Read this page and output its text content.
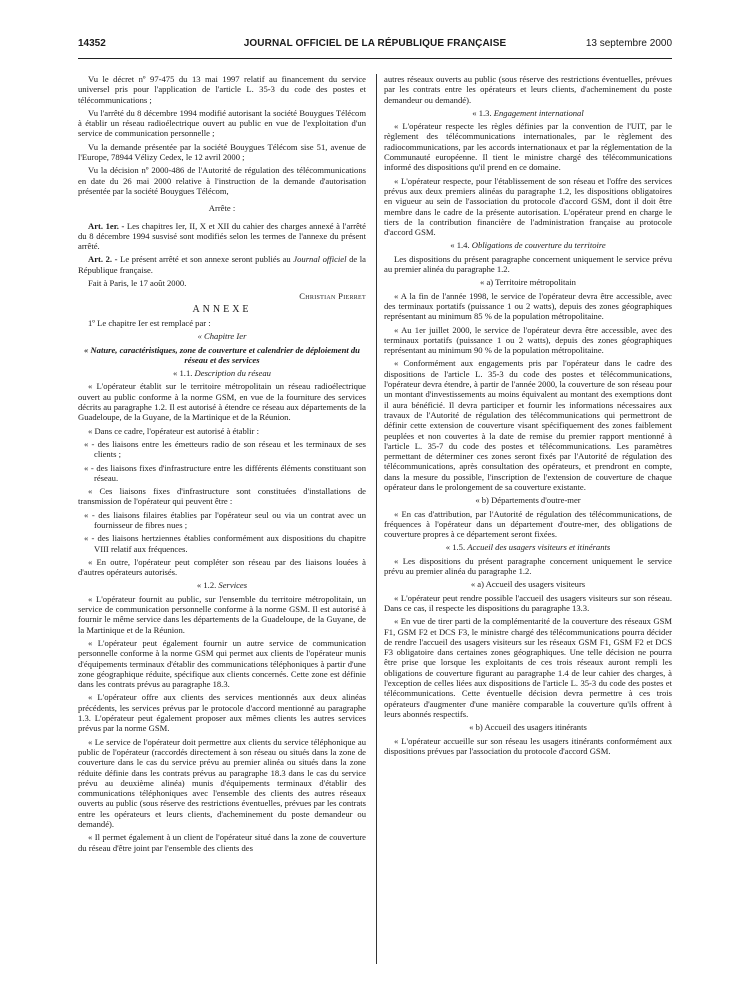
14352	JOURNAL OFFICIEL DE LA RÉPUBLIQUE FRANÇAISE	13 septembre 2000

Vu le décret nº 97-475 du 13 mai 1997 relatif au financement du service universel pris pour l'application de l'article L. 35-3 du code des postes et télécommunications ;

Vu l'arrêté du 8 décembre 1994 modifié autorisant la société Bouygues Télécom à établir un réseau radioélectrique ouvert au public en vue de l'exploitation d'un service de communication personnelle ;

Vu la demande présentée par la société Bouygues Télécom sise 51, avenue de l'Europe, 78944 Vélizy Cedex, le 12 avril 2000 ;

Vu la décision nº 2000-486 de l'Autorité de régulation des télécommunications en date du 26 mai 2000 relative à l'instruction de la demande d'autorisation présentée par la société Bouygues Télécom,

Arrête :

Art. 1er. - Les chapitres Ier, II, X et XII du cahier des charges annexé à l'arrêté du 8 décembre 1994 susvisé sont modifiés selon les termes de l'annexe du présent arrêté.

Art. 2. - Le présent arrêté et son annexe seront publiés au Journal officiel de la République française.

Fait à Paris, le 17 août 2000.

Christian Pierret

ANNEXE

1º Le chapitre Ier est remplacé par :

« Chapitre Ier

« Nature, caractéristiques, zone de couverture et calendrier de déploiement du réseau et des services

« 1.1. Description du réseau

« L'opérateur établit sur le territoire métropolitain un réseau radioélectrique ouvert au public conforme à la norme GSM, en vue de la fourniture des services décrits au paragraphe 1.2. Il est autorisé à étendre ce réseau aux départements de la Guadeloupe, de la Guyane, de la Martinique et de la Réunion.

« Dans ce cadre, l'opérateur est autorisé à établir :

« - des liaisons entre les émetteurs radio de son réseau et les terminaux de ses clients ;

« - des liaisons fixes d'infrastructure entre les différents éléments constituant son réseau.

« Ces liaisons fixes d'infrastructure sont constituées d'installations de transmission de l'opérateur qui peuvent être :

« - des liaisons filaires établies par l'opérateur seul ou via un contrat avec un fournisseur de fibres nues ;

« - des liaisons hertziennes établies conformément aux dispositions du chapitre VIII relatif aux fréquences.

« En outre, l'opérateur peut compléter son réseau par des liaisons louées à d'autres opérateurs autorisés.

« 1.2. Services

« L'opérateur fournit au public, sur l'ensemble du territoire métropolitain, un service de communication personnelle conforme à la norme GSM. Il est autorisé à fournir le même service dans les départements de la Guadeloupe, de la Guyane, de la Martinique et de la Réunion.

« L'opérateur peut également fournir un autre service de communication personnelle conforme à la norme GSM qui permet aux clients de l'opérateur munis d'équipements terminaux d'établir des communications téléphoniques à partir d'une zone géographique réduite, spécifique aux clients concernés. Cette zone est définie dans les contrats prévus au paragraphe 18.3.

« L'opérateur offre aux clients des services mentionnés aux deux alinéas précédents, les services prévus par le protocole d'accord mentionné au paragraphe 1.3. L'opérateur peut également proposer aux mêmes clients les autres services prévus par la norme GSM.

« Le service de l'opérateur doit permettre aux clients du service téléphonique au public de l'opérateur (raccordés directement à son réseau ou situés dans la zone de couverture dans le cas du service prévu au premier alinéa ou situés dans la zone réduite définie dans les contrats prévus au paragraphe 18.3 dans le cas du service prévu au deuxième alinéa) munis d'équipements terminaux d'établir des communications téléphoniques avec l'ensemble des clients des autres réseaux ouverts au public (sous réserve des restrictions éventuelles, prévues par les contrats entre les opérateurs et leurs clients, d'acheminement du poste demandeur ou demandé).

« Il permet également à un client de l'opérateur situé dans la zone de couverture du réseau d'être joint par l'ensemble des clients des

autres réseaux ouverts au public (sous réserve des restrictions éventuelles, prévues par les contrats entre les opérateurs et leurs clients, d'acheminement du poste demandeur ou demandé).

« 1.3. Engagement international

« L'opérateur respecte les règles définies par la convention de l'UIT, par le règlement des télécommunications internationales, par le règlement des radiocommunications, par les accords internationaux et par la réglementation de la Communauté européenne. Il tient le ministre chargé des télécommunications informé des dispositions qu'il prend en ce domaine.

« L'opérateur respecte, pour l'établissement de son réseau et l'offre des services prévus aux deux premiers alinéas du paragraphe 1.2, les dispositions obligatoires en vigueur au sein de l'association du protocole d'accord GSM, dont il doit être membre dans le cadre de la présente autorisation. L'opérateur prend en charge le tiers de la contribution financière de l'administration française au protocole d'accord GSM.

« 1.4. Obligations de couverture du territoire

Les dispositions du présent paragraphe concernent uniquement le service prévu au premier alinéa du paragraphe 1.2.

« a) Territoire métropolitain

« A la fin de l'année 1998, le service de l'opérateur devra être accessible, avec des terminaux portatifs (puissance 1 ou 2 watts), depuis des zones géographiques représentant au minimum 85 % de la population métropolitaine.

« Au 1er juillet 2000, le service de l'opérateur devra être accessible, avec des terminaux portatifs (puissance 1 ou 2 watts), depuis des zones géographiques représentant au minimum 90 % de la population métropolitaine.

« Conformément aux engagements pris par l'opérateur dans le cadre des dispositions de l'article L. 35-3 du code des postes et télécommunications, l'opérateur devra étendre, à partir de l'année 2000, la couverture de son réseau pour un montant d'investissements au moins équivalent au montant des exemptions dont il aura bénéficié. Il devra participer et fournir les informations nécessaires aux travaux de l'Autorité de régulation des télécommunications qui permettront de définir cette extension de couverture visant spécifiquement des zones faiblement peuplées et non couvertes à la date de remise du premier rapport mentionné à l'article L. 35-7 du code des postes et télécommunications. Les paramètres permettant de déterminer ces zones seront fixés par l'Autorité de régulation des télécommunications, après consultation des opérateurs, et prendront en compte, dans la mesure du possible, l'inscription de l'extension de couverture de chaque opérateur dans le prolongement de sa couverture existante.

« b) Départements d'outre-mer

« En cas d'attribution, par l'Autorité de régulation des télécommunications, de fréquences à l'opérateur dans un département d'outre-mer, des obligations de couverture propres à ce département seront fixées.

« 1.5. Accueil des usagers visiteurs et itinérants

« Les dispositions du présent paragraphe concernent uniquement le service prévu au premier alinéa du paragraphe 1.2.

« a) Accueil des usagers visiteurs

« L'opérateur peut rendre possible l'accueil des usagers visiteurs sur son réseau. Dans ce cas, il respecte les dispositions du paragraphe 13.3.

« En vue de tirer parti de la complémentarité de la couverture des réseaux GSM F1, GSM F2 et DCS F3, le ministre chargé des télécommunications pourra décider de rendre l'accueil des usagers visiteurs sur les réseaux GSM F1, GSM F2 et DCS F3 obligatoire dans certaines zones géographiques. Une telle décision ne pourra être prise que lorsque les exploitants de ces trois réseaux auront rempli les obligations de couverture figurant au paragraphe 1.4 de leur cahier des charges, à l'exception de celles liées aux dispositions de l'article L. 35-3 du code des postes et télécommunications. Cette éventuelle décision devra permettre à ces trois opérateurs d'augmenter d'une manière comparable la couverture qu'ils offrent à leurs abonnés respectifs.

« b) Accueil des usagers itinérants

« L'opérateur accueille sur son réseau les usagers itinérants conformément aux dispositions prévues par l'association du protocole d'accord GSM.
